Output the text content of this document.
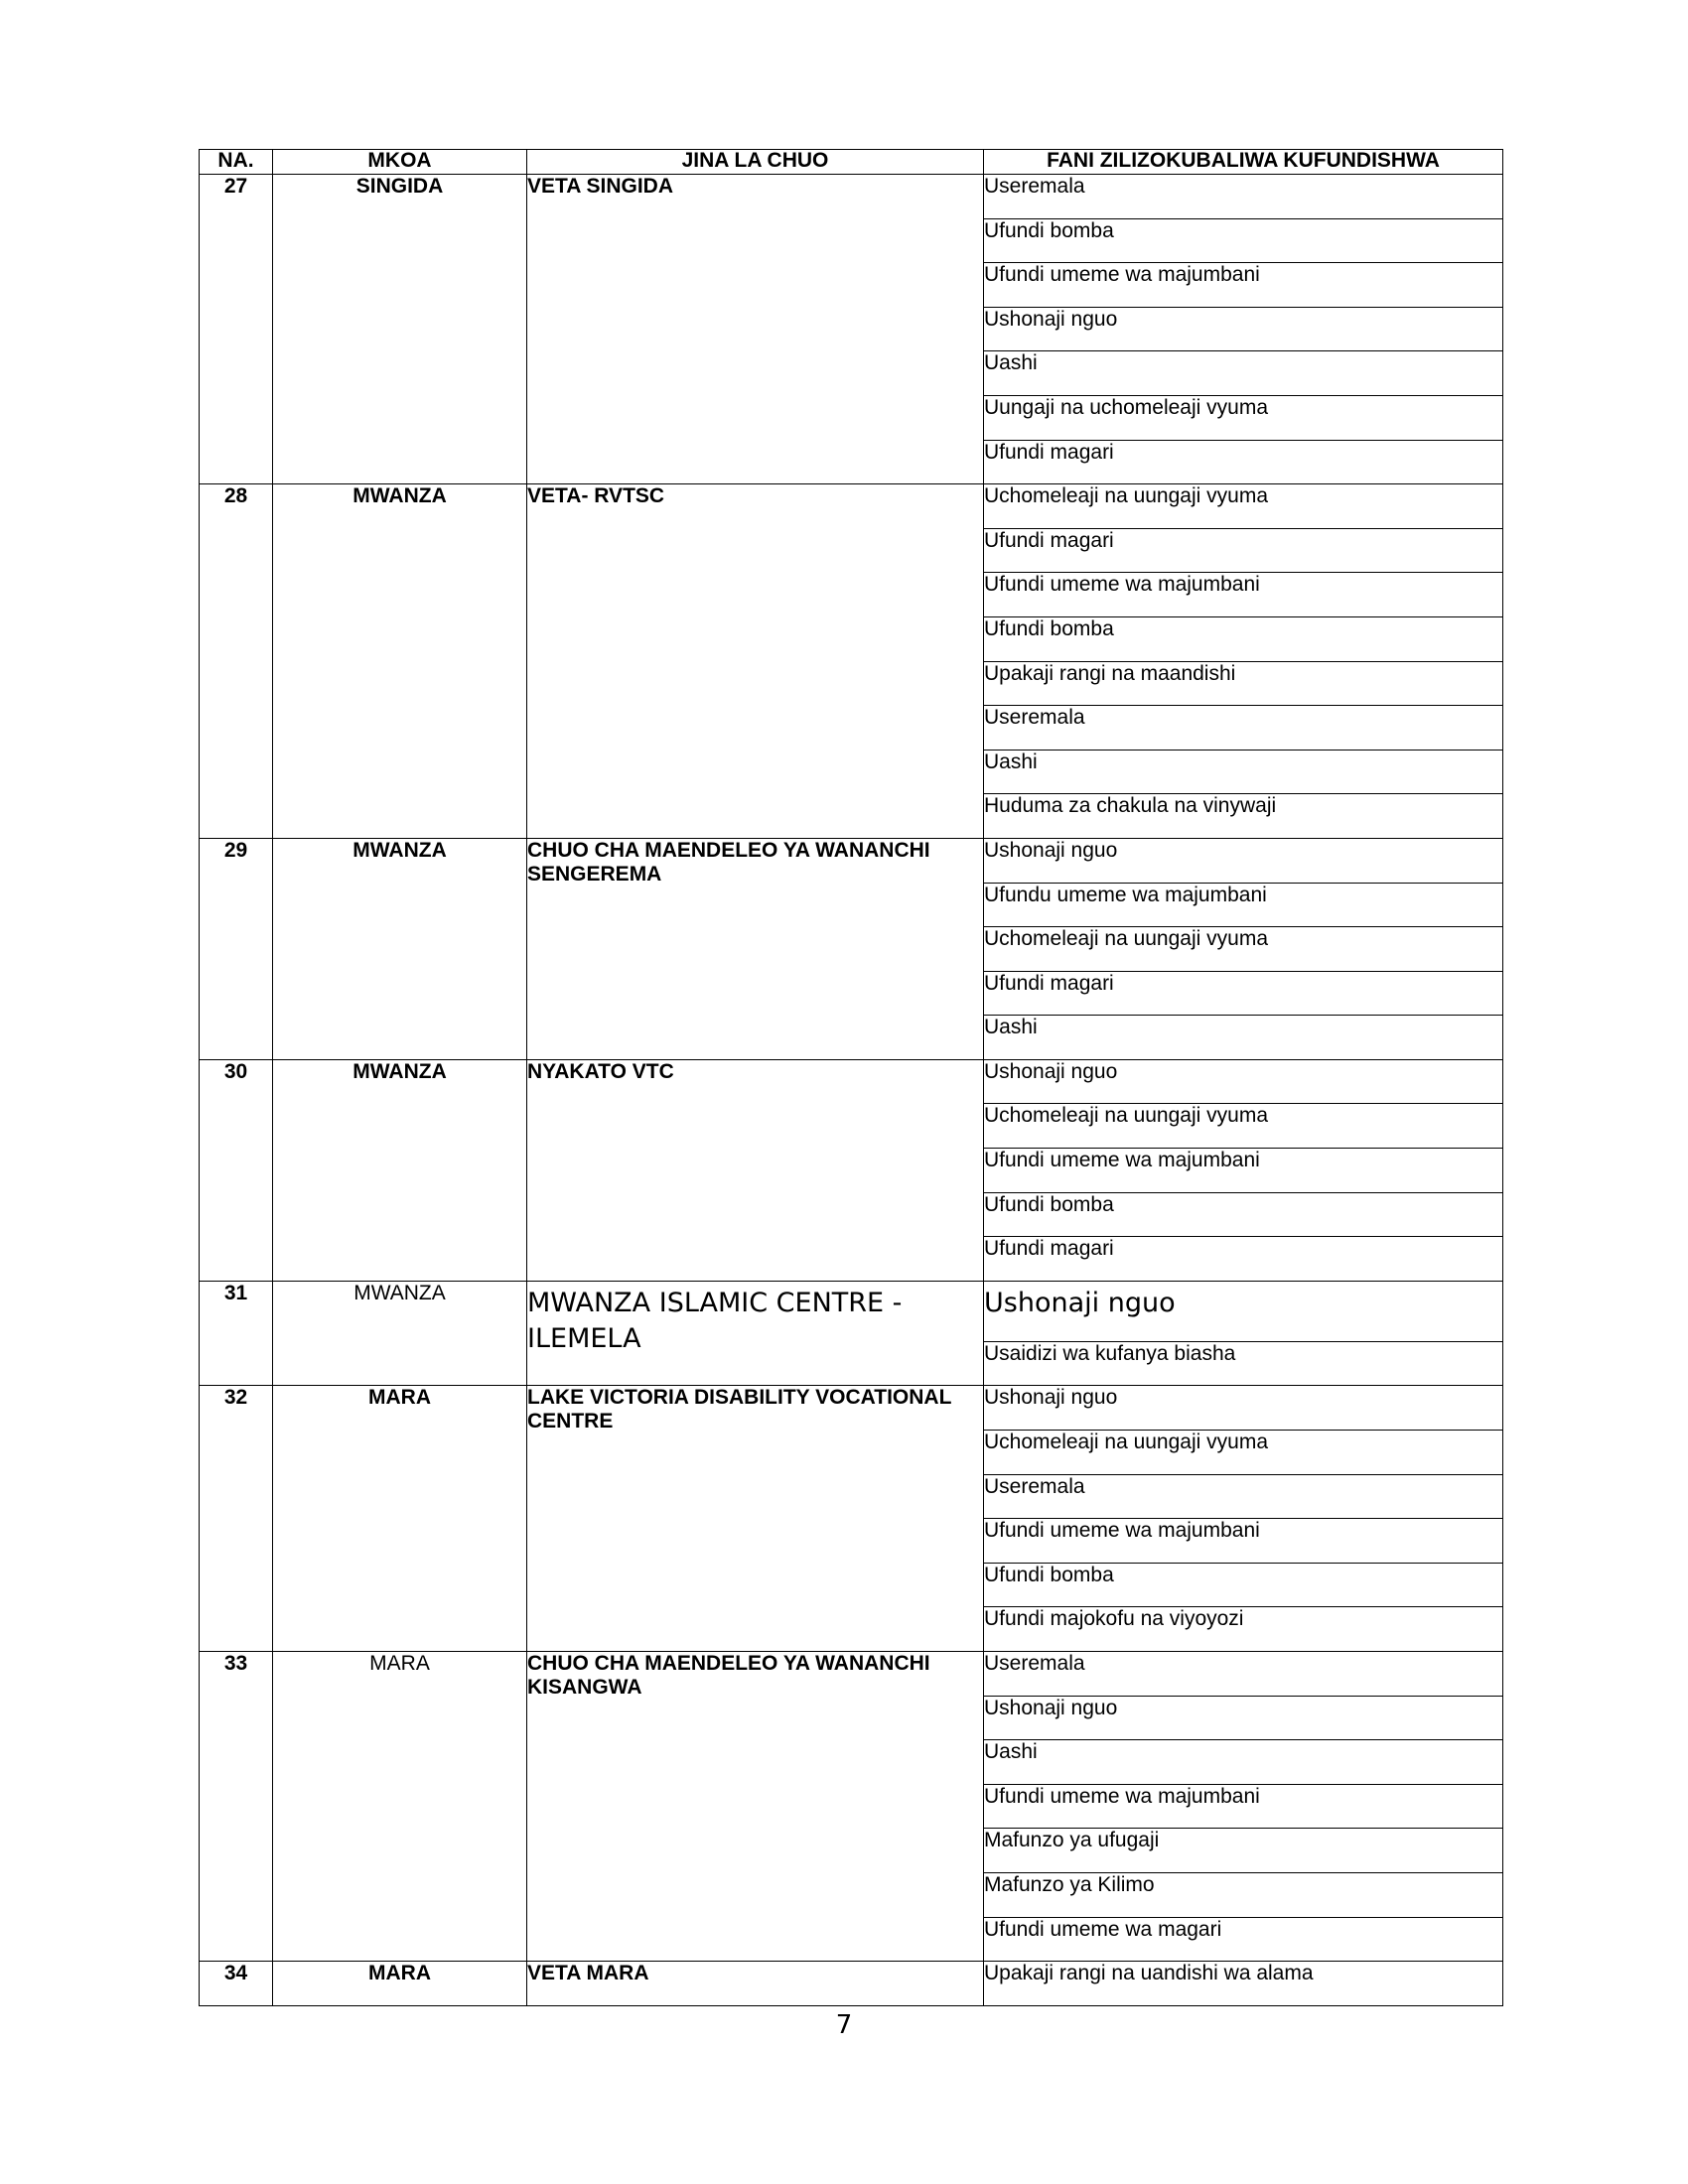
NA.	MKOA	JINA LA CHUO	FANI ZILIZOKUBALIWA KUFUNDISHWA
27	SINGIDA	VETA SINGIDA	Useremala
			Ufundi bomba
			Ufundi umeme wa majumbani
			Ushonaji nguo
			Uashi
			Uungaji na uchomeleaji vyuma
			Ufundi magari
28	MWANZA	VETA- RVTSC	Uchomeleaji na uungaji vyuma
			Ufundi magari
			Ufundi umeme wa majumbani
			Ufundi bomba
			Upakaji rangi na maandishi
			Useremala
			Uashi
			Huduma za chakula na vinywaji
29	MWANZA	CHUO CHA MAENDELEO YA WANANCHI SENGEREMA	Ushonaji nguo
			Ufundu umeme wa majumbani
			Uchomeleaji na uungaji vyuma
			Ufundi magari
			Uashi
30	MWANZA	NYAKATO VTC	Ushonaji nguo
			Uchomeleaji na uungaji vyuma
			Ufundi umeme wa majumbani
			Ufundi bomba
			Ufundi magari
31	MWANZA	MWANZA ISLAMIC CENTRE - ILEMELA	Ushonaji nguo

			Usaidizi wa kufanya biasha
32	MARA	LAKE VICTORIA DISABILITY VOCATIONAL CENTRE	Ushonaji nguo
			Uchomeleaji na uungaji vyuma
			Useremala
			Ufundi umeme wa majumbani
			Ufundi bomba
			Ufundi majokofu na viyoyozi
33	MARA	CHUO CHA MAENDELEO YA WANANCHI KISANGWA	Useremala
			Ushonaji nguo
			Uashi
			Ufundi umeme wa majumbani
			Mafunzo ya ufugaji
			Mafunzo ya Kilimo
			Ufundi umeme wa magari
34	MARA	VETA MARA	Upakaji rangi na uandishi wa alama
7
